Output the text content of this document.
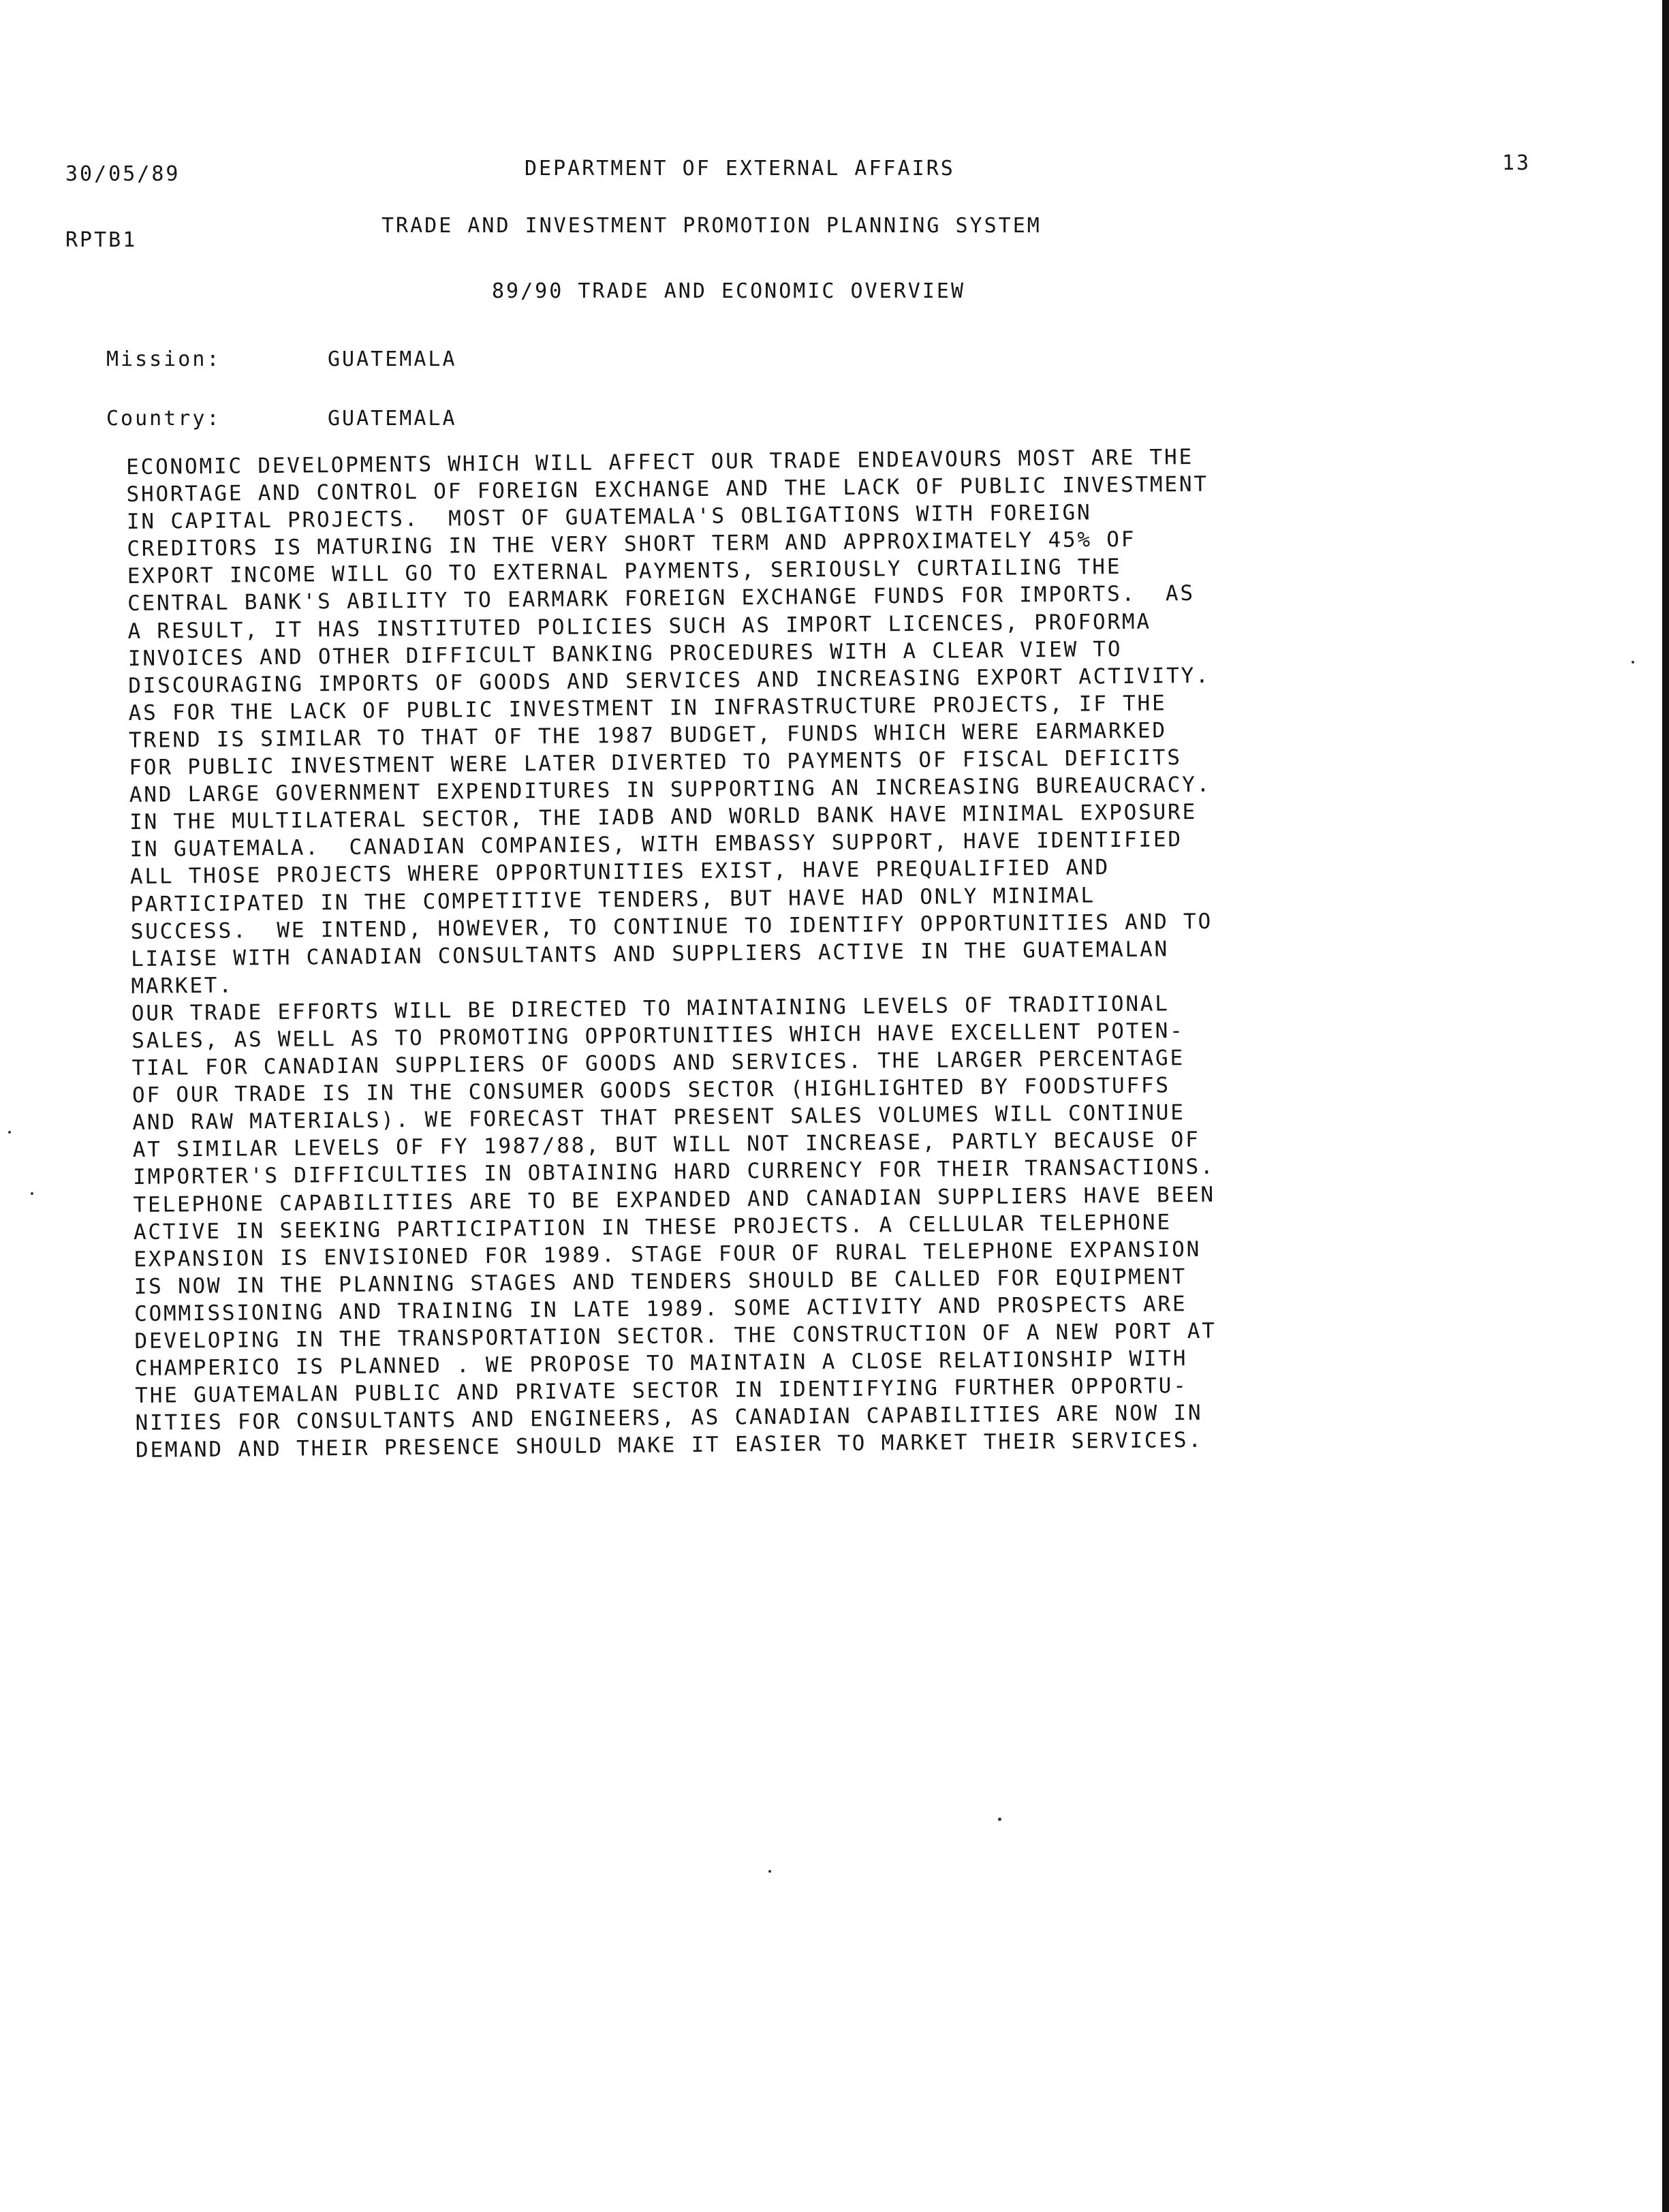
30/05/89
RPTB1
DEPARTMENT OF EXTERNAL AFFAIRS
TRADE AND INVESTMENT PROMOTION PLANNING SYSTEM
89/90 TRADE AND ECONOMIC OVERVIEW
13
Mission:	GUATEMALA
Country:	GUATEMALA
ECONOMIC DEVELOPMENTS WHICH WILL AFFECT OUR TRADE ENDEAVOURS MOST ARE THE
SHORTAGE AND CONTROL OF FOREIGN EXCHANGE AND THE LACK OF PUBLIC INVESTMENT
IN CAPITAL PROJECTS.  MOST OF GUATEMALA'S OBLIGATIONS WITH FOREIGN
CREDITORS IS MATURING IN THE VERY SHORT TERM AND APPROXIMATELY 45% OF
EXPORT INCOME WILL GO TO EXTERNAL PAYMENTS, SERIOUSLY CURTAILING THE
CENTRAL BANK'S ABILITY TO EARMARK FOREIGN EXCHANGE FUNDS FOR IMPORTS.  AS
A RESULT, IT HAS INSTITUTED POLICIES SUCH AS IMPORT LICENCES, PROFORMA
INVOICES AND OTHER DIFFICULT BANKING PROCEDURES WITH A CLEAR VIEW TO
DISCOURAGING IMPORTS OF GOODS AND SERVICES AND INCREASING EXPORT ACTIVITY.
AS FOR THE LACK OF PUBLIC INVESTMENT IN INFRASTRUCTURE PROJECTS, IF THE
TREND IS SIMILAR TO THAT OF THE 1987 BUDGET, FUNDS WHICH WERE EARMARKED
FOR PUBLIC INVESTMENT WERE LATER DIVERTED TO PAYMENTS OF FISCAL DEFICITS
AND LARGE GOVERNMENT EXPENDITURES IN SUPPORTING AN INCREASING BUREAUCRACY.
IN THE MULTILATERAL SECTOR, THE IADB AND WORLD BANK HAVE MINIMAL EXPOSURE
IN GUATEMALA.  CANADIAN COMPANIES, WITH EMBASSY SUPPORT, HAVE IDENTIFIED
ALL THOSE PROJECTS WHERE OPPORTUNITIES EXIST, HAVE PREQUALIFIED AND
PARTICIPATED IN THE COMPETITIVE TENDERS, BUT HAVE HAD ONLY MINIMAL
SUCCESS.  WE INTEND, HOWEVER, TO CONTINUE TO IDENTIFY OPPORTUNITIES AND TO
LIAISE WITH CANADIAN CONSULTANTS AND SUPPLIERS ACTIVE IN THE GUATEMALAN
MARKET.
OUR TRADE EFFORTS WILL BE DIRECTED TO MAINTAINING LEVELS OF TRADITIONAL
SALES, AS WELL AS TO PROMOTING OPPORTUNITIES WHICH HAVE EXCELLENT POTEN-
TIAL FOR CANADIAN SUPPLIERS OF GOODS AND SERVICES. THE LARGER PERCENTAGE
OF OUR TRADE IS IN THE CONSUMER GOODS SECTOR (HIGHLIGHTED BY FOODSTUFFS
AND RAW MATERIALS). WE FORECAST THAT PRESENT SALES VOLUMES WILL CONTINUE
AT SIMILAR LEVELS OF FY 1987/88, BUT WILL NOT INCREASE, PARTLY BECAUSE OF
IMPORTER'S DIFFICULTIES IN OBTAINING HARD CURRENCY FOR THEIR TRANSACTIONS.
TELEPHONE CAPABILITIES ARE TO BE EXPANDED AND CANADIAN SUPPLIERS HAVE BEEN
ACTIVE IN SEEKING PARTICIPATION IN THESE PROJECTS. A CELLULAR TELEPHONE
EXPANSION IS ENVISIONED FOR 1989. STAGE FOUR OF RURAL TELEPHONE EXPANSION
IS NOW IN THE PLANNING STAGES AND TENDERS SHOULD BE CALLED FOR EQUIPMENT
COMMISSIONING AND TRAINING IN LATE 1989. SOME ACTIVITY AND PROSPECTS ARE
DEVELOPING IN THE TRANSPORTATION SECTOR. THE CONSTRUCTION OF A NEW PORT AT
CHAMPERICO IS PLANNED . WE PROPOSE TO MAINTAIN A CLOSE RELATIONSHIP WITH
THE GUATEMALAN PUBLIC AND PRIVATE SECTOR IN IDENTIFYING FURTHER OPPORTU-
NITIES FOR CONSULTANTS AND ENGINEERS, AS CANADIAN CAPABILITIES ARE NOW IN
DEMAND AND THEIR PRESENCE SHOULD MAKE IT EASIER TO MARKET THEIR SERVICES.
